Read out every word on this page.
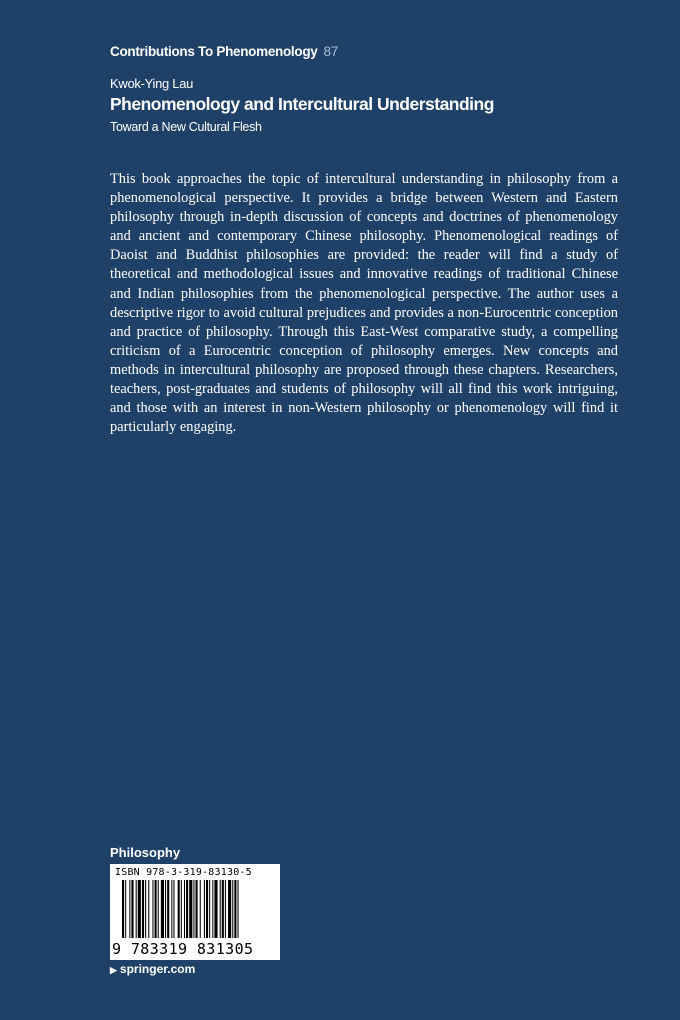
Contributions To Phenomenology 87
Kwok-Ying Lau
Phenomenology and Intercultural Understanding
Toward a New Cultural Flesh

This book approaches the topic of intercultural understanding in philosophy from a phenomenological perspective. It provides a bridge between Western and Eastern philosophy through in-depth discussion of concepts and doctrines of phenomenology and ancient and contemporary Chinese philosophy. Phenomenological readings of Daoist and Buddhist philosophies are provided: the reader will find a study of theoretical and methodological issues and innovative readings of traditional Chinese and Indian philosophies from the phenomenological perspective. The author uses a descriptive rigor to avoid cultural prejudices and provides a non-Eurocentric conception and practice of philosophy. Through this East-West comparative study, a compelling criticism of a Eurocentric conception of philosophy emerges. New concepts and methods in intercultural philosophy are proposed through these chapters. Researchers, teachers, post-graduates and students of philosophy will all find this work intriguing, and those with an interest in non-Western philosophy or phenomenology will find it particularly engaging.

Philosophy
ISBN 978-3-319-83130-5
9 783319 831305
▶ springer.com
